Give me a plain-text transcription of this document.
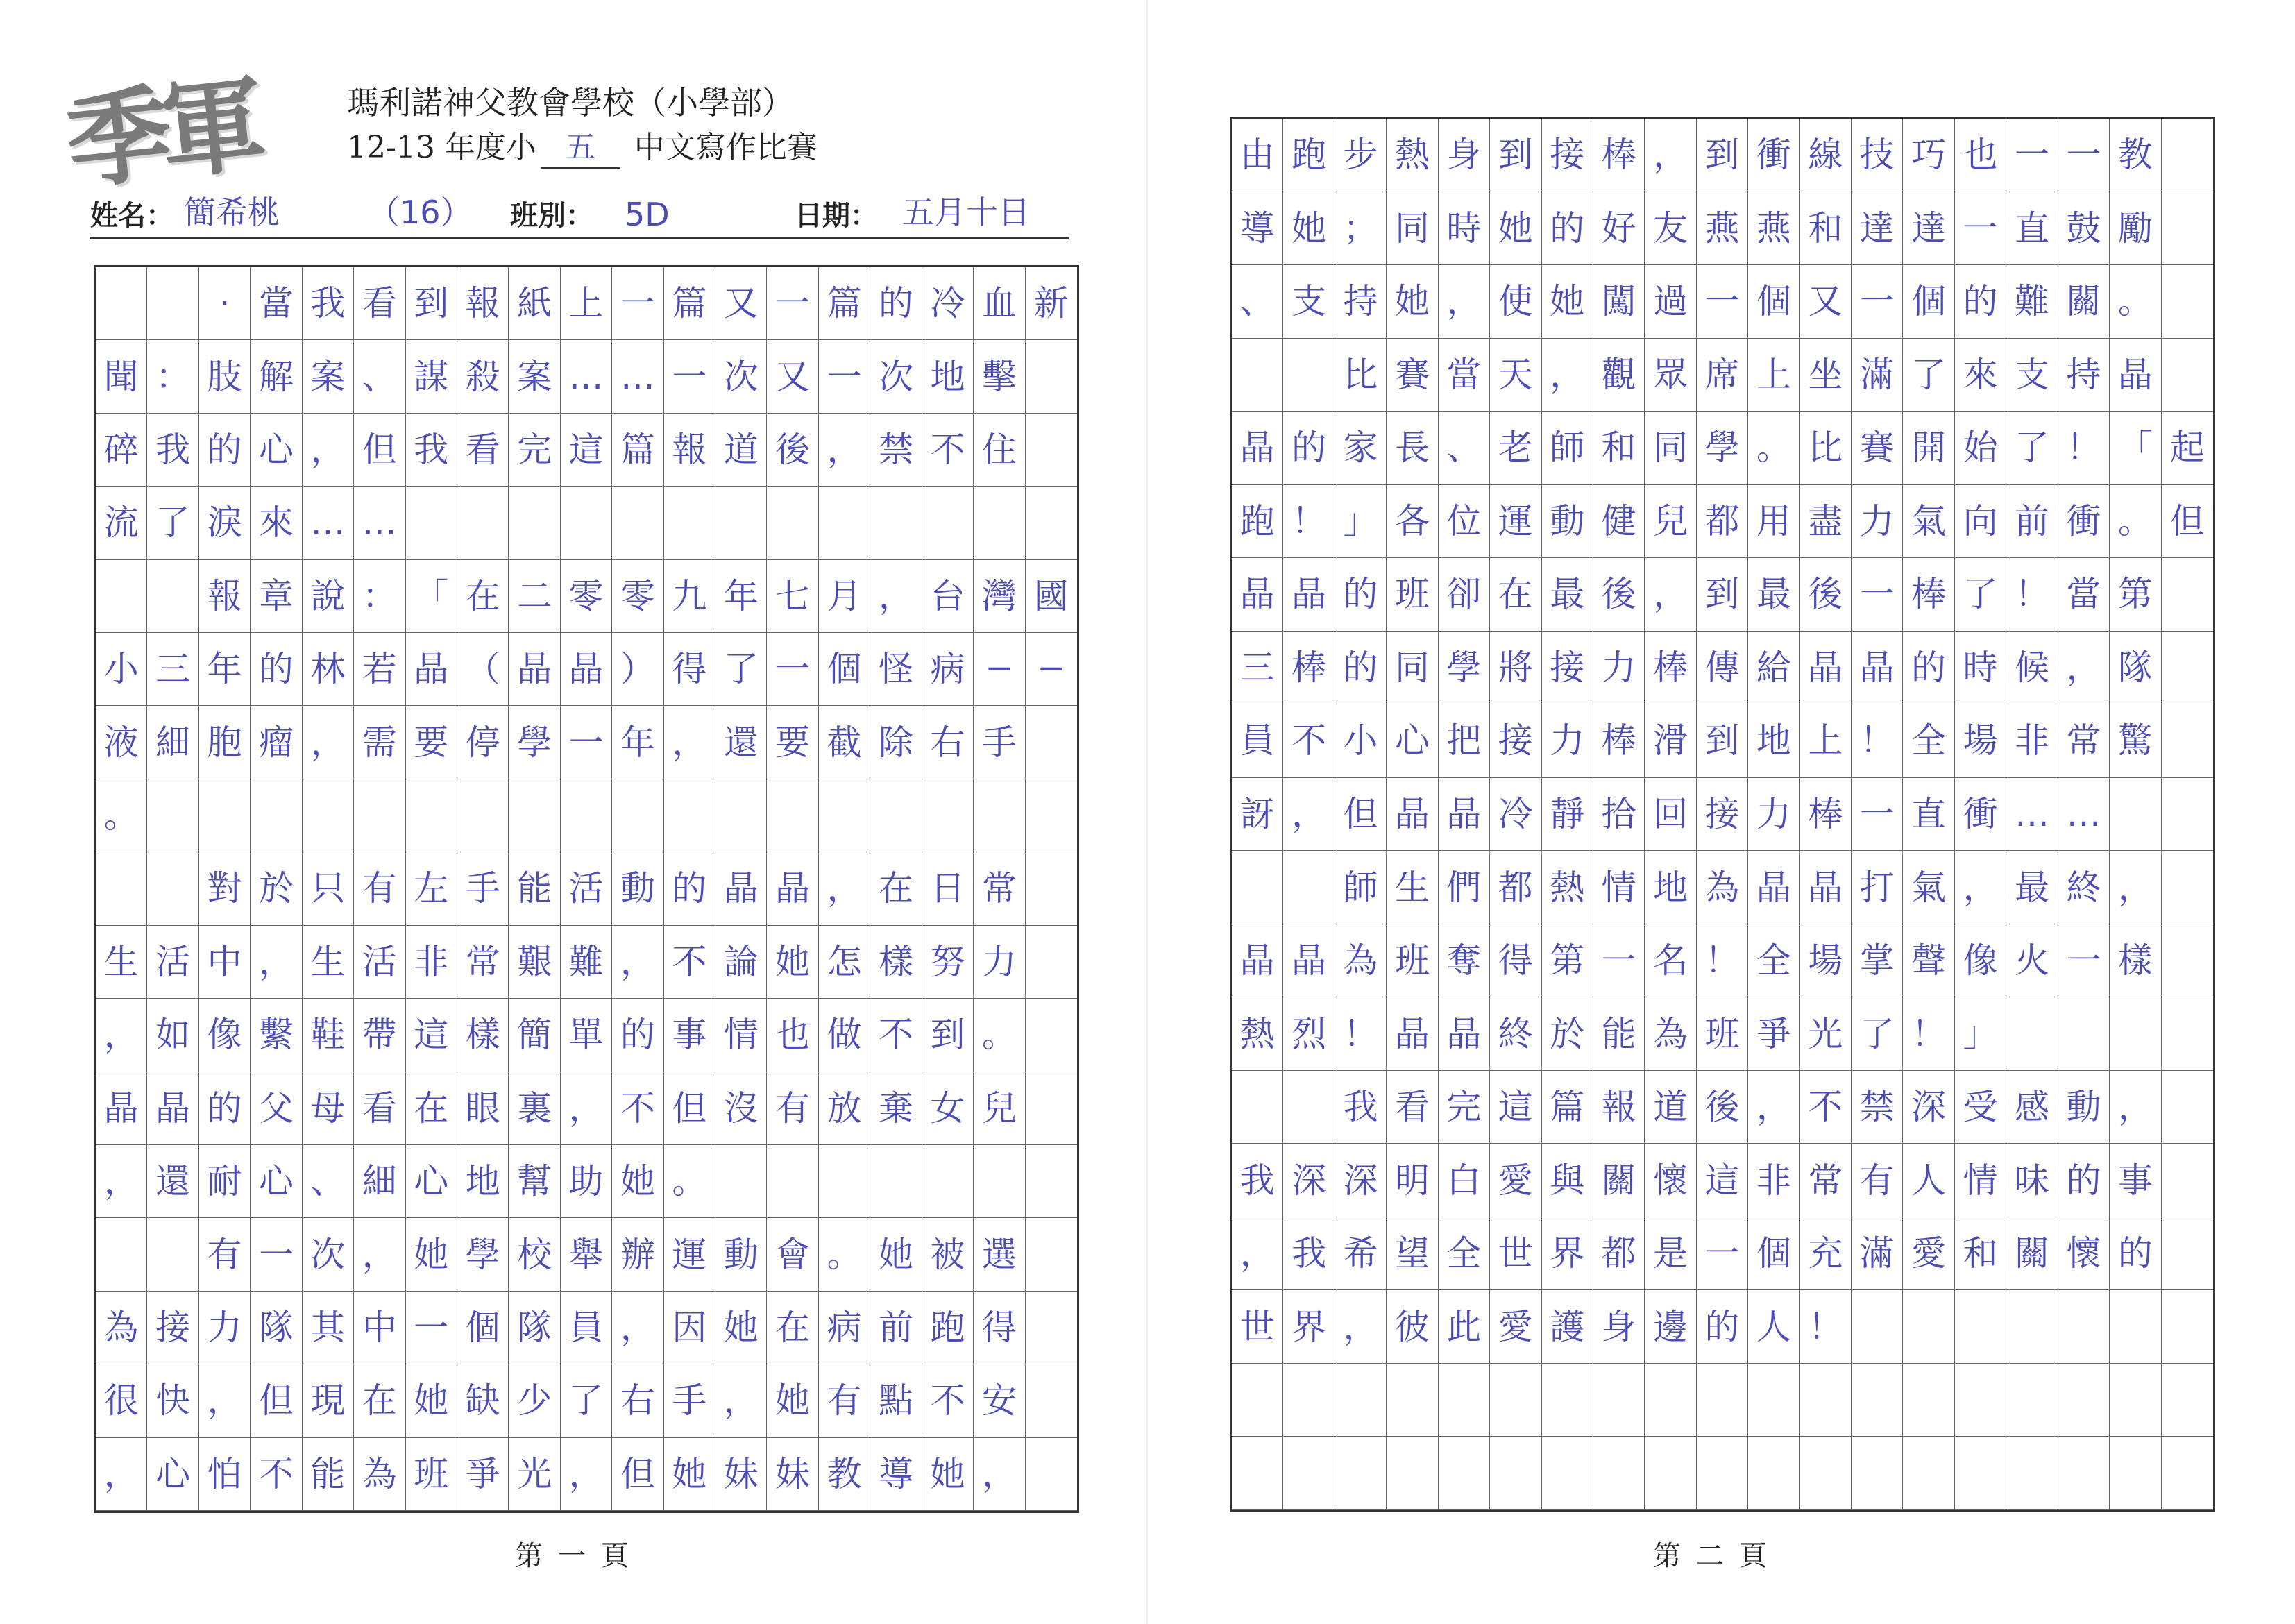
季軍	瑪利諾神父教會學校（小學部）
12-13 年度小 五	中文寫作比賽
姓名： 簡希桃	（16） 班別： 5D	日期： 五月十日
· 當 我 看 到 報 紙 上 一 篇 又 一 篇 的 冷 血 新
聞 ： 肢 解 案 、 謀 殺 案 … … 一 次 又 一 次 地 擊
碎 我 的 心 ， 但 我 看 完 這 篇 報 道 後 ， 禁 不 住
流 了 淚 來 … …
報 章 說 ： 「 在 二 零 零 九 年 七 月 ， 台 灣 國
小 三 年 的 林 若 晶 （ 晶 晶 ） 得 了 一 個 怪 病 ─ ─
液 細 胞 瘤 ， 需 要 停 學 一 年 ， 還 要 截 除 右 手
。
對 於 只 有 左 手 能 活 動 的 晶 晶 ， 在 日 常
生 活 中 ， 生 活 非 常 艱 難 ， 不 論 她 怎 樣 努 力
， 如 像 繫 鞋 帶 這 樣 簡 單 的 事 情 也 做 不 到 。
晶 晶 的 父 母 看 在 眼 裏 ， 不 但 沒 有 放 棄 女 兒
， 還 耐 心 、 細 心 地 幫 助 她 。
有 一 次 ， 她 學 校 舉 辦 運 動 會 。 她 被 選
為 接 力 隊 其 中 一 個 隊 員 ， 因 她 在 病 前 跑 得
很 快 ， 但 現 在 她 缺 少 了 右 手 ， 她 有 點 不 安
， 心 怕 不 能 為 班 爭 光 ， 但 她 妹 妹 教 導 她 ，
由 跑 步 熱 身 到 接 棒 ， 到 衝 線 技 巧 也 一 一 教
導 她 ； 同 時 她 的 好 友 燕 燕 和 達 達 一 直 鼓 勵
、 支 持 她 ， 使 她 闖 過 一 個 又 一 個 的 難 關 。
比 賽 當 天 ， 觀 眾 席 上 坐 滿 了 來 支 持 晶
晶 的 家 長 、 老 師 和 同 學 。 比 賽 開 始 了 ！ 「 起
跑 ！ 」 各 位 運 動 健 兒 都 用 盡 力 氣 向 前 衝 。 但
晶 晶 的 班 卻 在 最 後 ， 到 最 後 一 棒 了 ！ 當 第
三 棒 的 同 學 將 接 力 棒 傳 給 晶 晶 的 時 候 ， 隊
員 不 小 心 把 接 力 棒 滑 到 地 上 ！ 全 場 非 常 驚
訝 ， 但 晶 晶 冷 靜 拾 回 接 力 棒 一 直 衝 … …
師 生 們 都 熱 情 地 為 晶 晶 打 氣 ， 最 終 ，
晶 晶 為 班 奪 得 第 一 名 ！ 全 場 掌 聲 像 火 一 樣
熱 烈 ！ 晶 晶 終 於 能 為 班 爭 光 了 ！ 」
我 看 完 這 篇 報 道 後 ， 不 禁 深 受 感 動 ，
我 深 深 明 白 愛 與 關 懷 這 非 常 有 人 情 味 的 事
， 我 希 望 全 世 界 都 是 一 個 充 滿 愛 和 關 懷 的
世 界 ， 彼 此 愛 護 身 邊 的 人 ！
第一頁	第二頁
